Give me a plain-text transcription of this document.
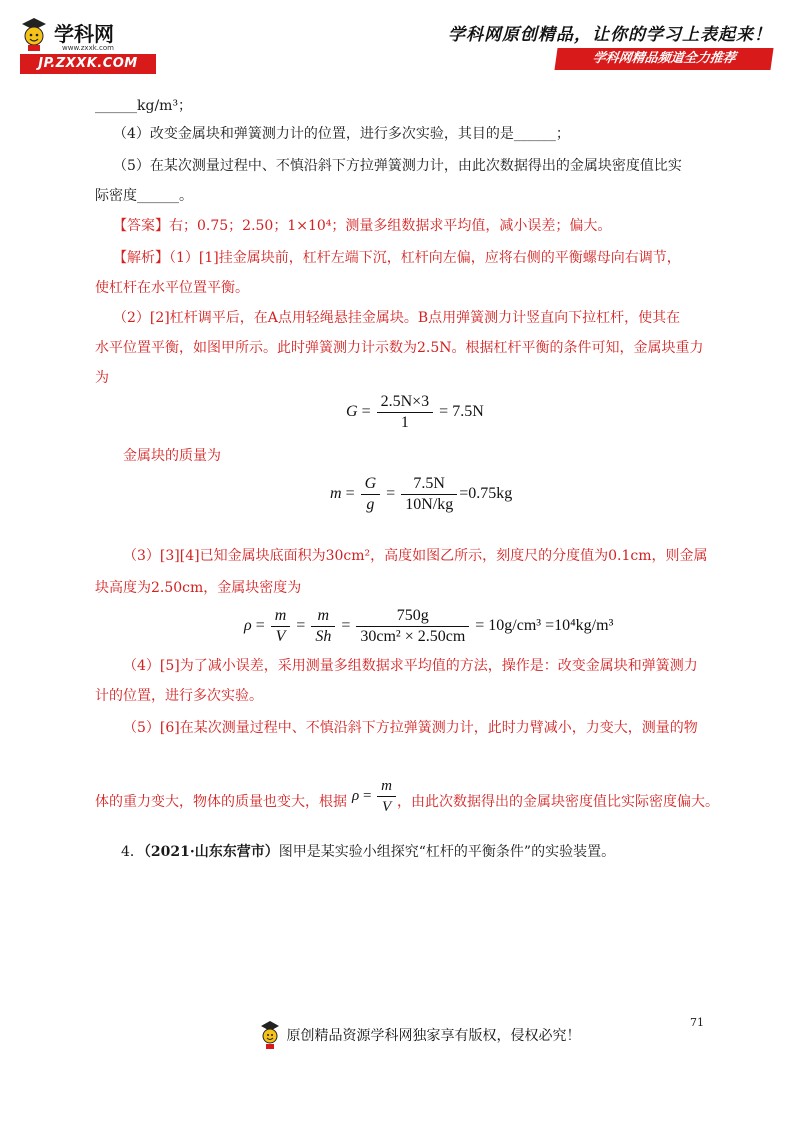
学科网
www.zxxk.com
JP.ZXXK.COM
学科网原创精品，让你的学习上表起来！
学科网精品频道全力推荐

______kg/m³；

（4）改变金属块和弹簧测力计的位置，进行多次实验，其目的是______；

（5）在某次测量过程中、不慎沿斜下方拉弹簧测力计，由此次数据得出的金属块密度值比实

际密度______。

【答案】右；0.75；2.50；1×10⁴；测量多组数据求平均值，减小误差；偏大。

【解析】（1）[1]挂金属块前，杠杆左端下沉，杠杆向左偏，应将右侧的平衡螺母向右调节，

使杠杆在水平位置平衡。

（2）[2]杠杆调平后，在A点用轻绳悬挂金属块。B点用弹簧测力计竖直向下拉杠杆，使其在

水平位置平衡，如图甲所示。此时弹簧测力计示数为2.5N。根据杠杆平衡的条件可知，金属块重力

为

金属块的质量为

（3）[3][4]已知金属块底面积为30cm²，高度如图乙所示，刻度尺的分度值为0.1cm，则金属

块高度为2.50cm，金属块密度为

（4）[5]为了减小误差，采用测量多组数据求平均值的方法，操作是：改变金属块和弹簧测力

计的位置，进行多次实验。

（5）[6]在某次测量过程中、不慎沿斜下方拉弹簧测力计，此时力臂减小，力变大，测量的物

体的重力变大，物体的质量也变大，根据	，由此次数据得出的金属块密度值比实际密度偏大。

4．（2021·山东东营市）图甲是某实验小组探究“杠杆的平衡条件”的实验装置。

$G = \frac{2.5N\times 3}{1} = 7.5N$
$m = \frac{G}{g} = \frac{7.5N}{10N/kg} =0.75kg$
$\rho = \frac{m}{V} = \frac{m}{Sh} = \frac{750g}{\text{30cm² × 2.50cm}} = 10g/cm^3 =10^4kg/m^3$
$\rho = \frac{m}{V}$
71
原创精品资源学科网独家享有版权，侵权必究！
